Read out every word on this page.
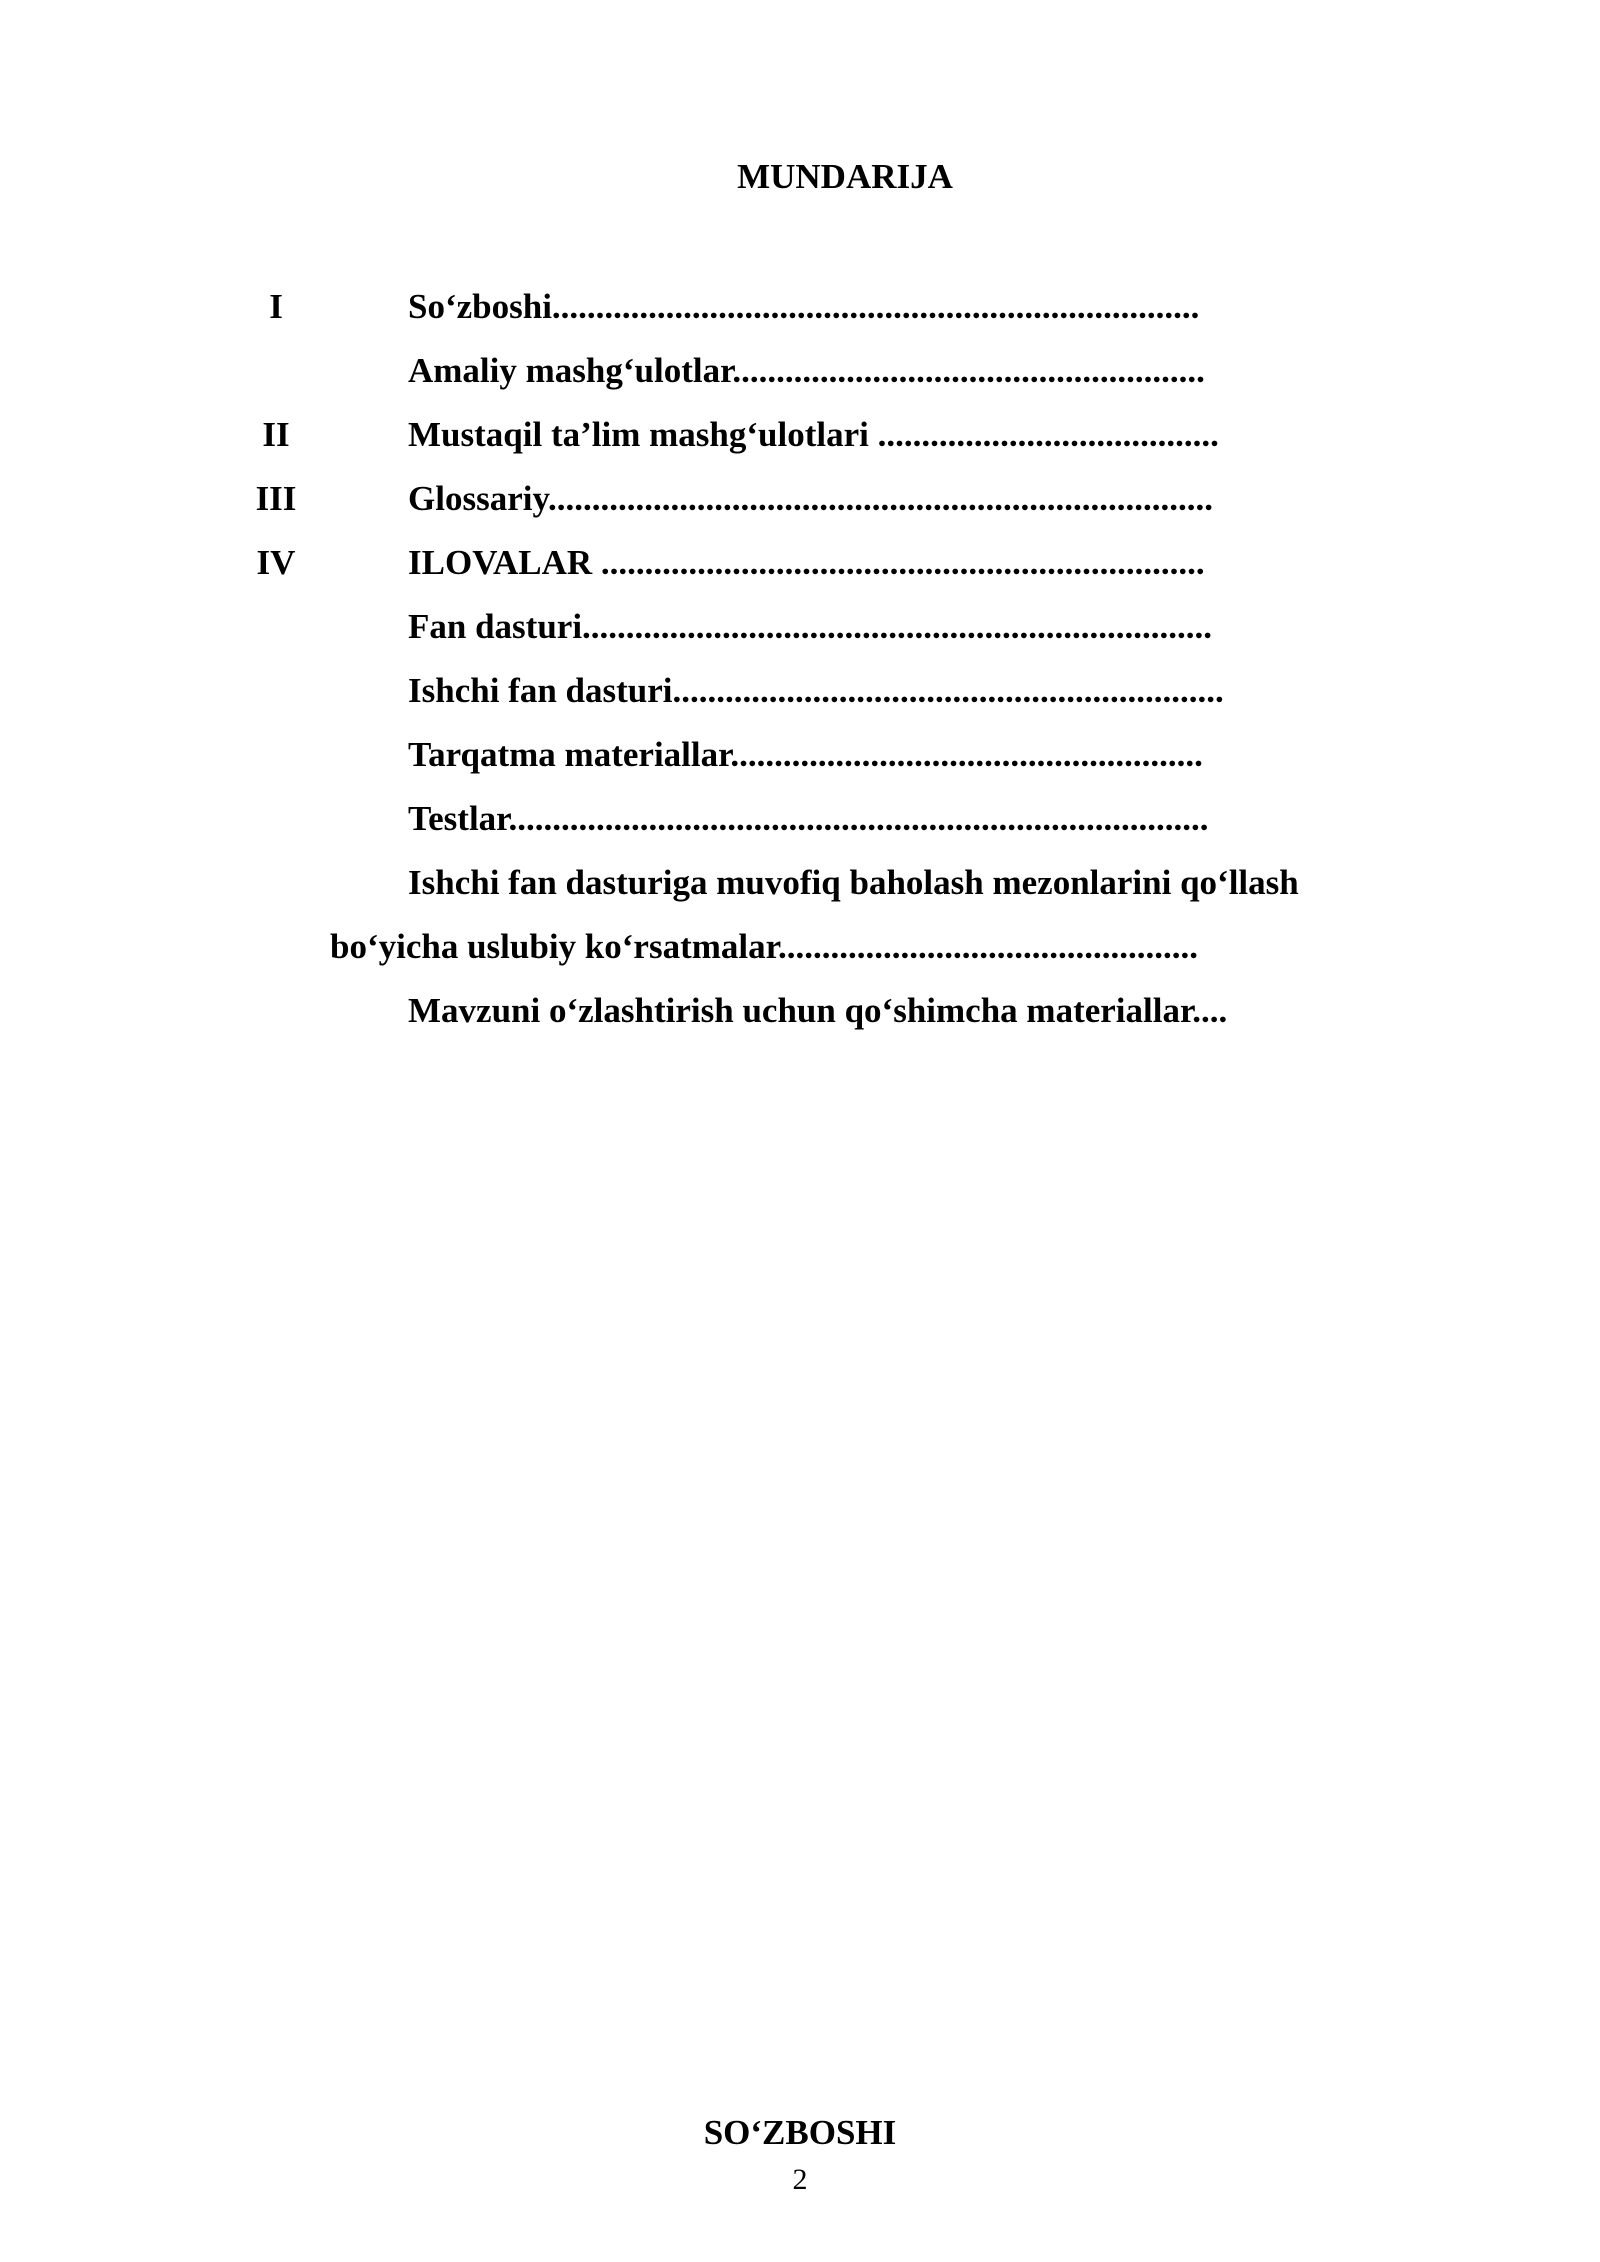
MUNDARIJA
I	So‘zboshi..........................................................................
Amaliy mashg‘ulotlar......................................................
II	Mustaqil ta’lim mashg‘ulotlari .......................................
III	Glossariy............................................................................
IV	ILOVALAR .....................................................................
Fan dasturi........................................................................
Ishchi fan dasturi...............................................................
Tarqatma materiallar......................................................
Testlar................................................................................
Ishchi fan dasturiga muvofiq baholash mezonlarini qo‘llash
bo‘yicha uslubiy ko‘rsatmalar................................................
Mavzuni o‘zlashtirish uchun qo‘shimcha materiallar....
SO‘ZBOSHI
2
